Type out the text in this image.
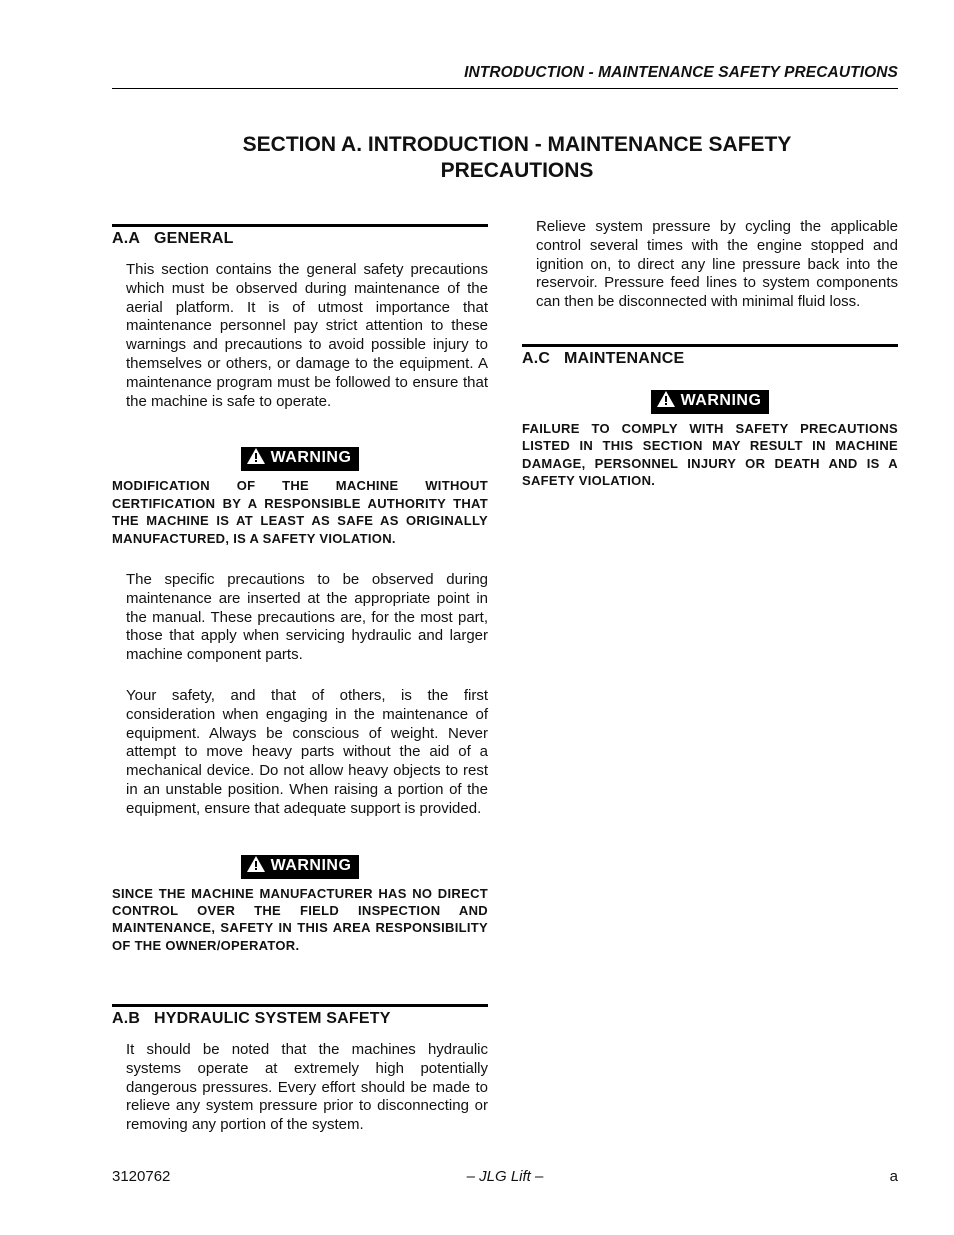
INTRODUCTION - MAINTENANCE SAFETY PRECAUTIONS
SECTION A. INTRODUCTION - MAINTENANCE SAFETY
PRECAUTIONS
A.A GENERAL
This section contains the general safety precautions which must be observed during maintenance of the aerial platform. It is of utmost importance that maintenance personnel pay strict attention to these warnings and precautions to avoid possible injury to themselves or others, or damage to the equipment. A maintenance program must be followed to ensure that the machine is safe to operate.
WARNING
MODIFICATION OF THE MACHINE WITHOUT CERTIFICATION BY A RESPONSIBLE AUTHORITY THAT THE MACHINE IS AT LEAST AS SAFE AS ORIGINALLY MANUFACTURED, IS A SAFETY VIOLATION.
The specific precautions to be observed during maintenance are inserted at the appropriate point in the manual. These precautions are, for the most part, those that apply when servicing hydraulic and larger machine component parts.
Your safety, and that of others, is the first consideration when engaging in the maintenance of equipment. Always be conscious of weight. Never attempt to move heavy parts without the aid of a mechanical device. Do not allow heavy objects to rest in an unstable position. When raising a portion of the equipment, ensure that adequate support is provided.
WARNING
SINCE THE MACHINE MANUFACTURER HAS NO DIRECT CONTROL OVER THE FIELD INSPECTION AND MAINTENANCE, SAFETY IN THIS AREA RESPONSIBILITY OF THE OWNER/OPERATOR.
A.B HYDRAULIC SYSTEM SAFETY
It should be noted that the machines hydraulic systems operate at extremely high potentially dangerous pressures. Every effort should be made to relieve any system pressure prior to disconnecting or removing any portion of the system.
Relieve system pressure by cycling the applicable control several times with the engine stopped and ignition on, to direct any line pressure back into the reservoir. Pressure feed lines to system components can then be disconnected with minimal fluid loss.
A.C MAINTENANCE
WARNING
FAILURE TO COMPLY WITH SAFETY PRECAUTIONS LISTED IN THIS SECTION MAY RESULT IN MACHINE DAMAGE, PERSONNEL INJURY OR DEATH AND IS A SAFETY VIOLATION.
3120762	– JLG Lift –	a
